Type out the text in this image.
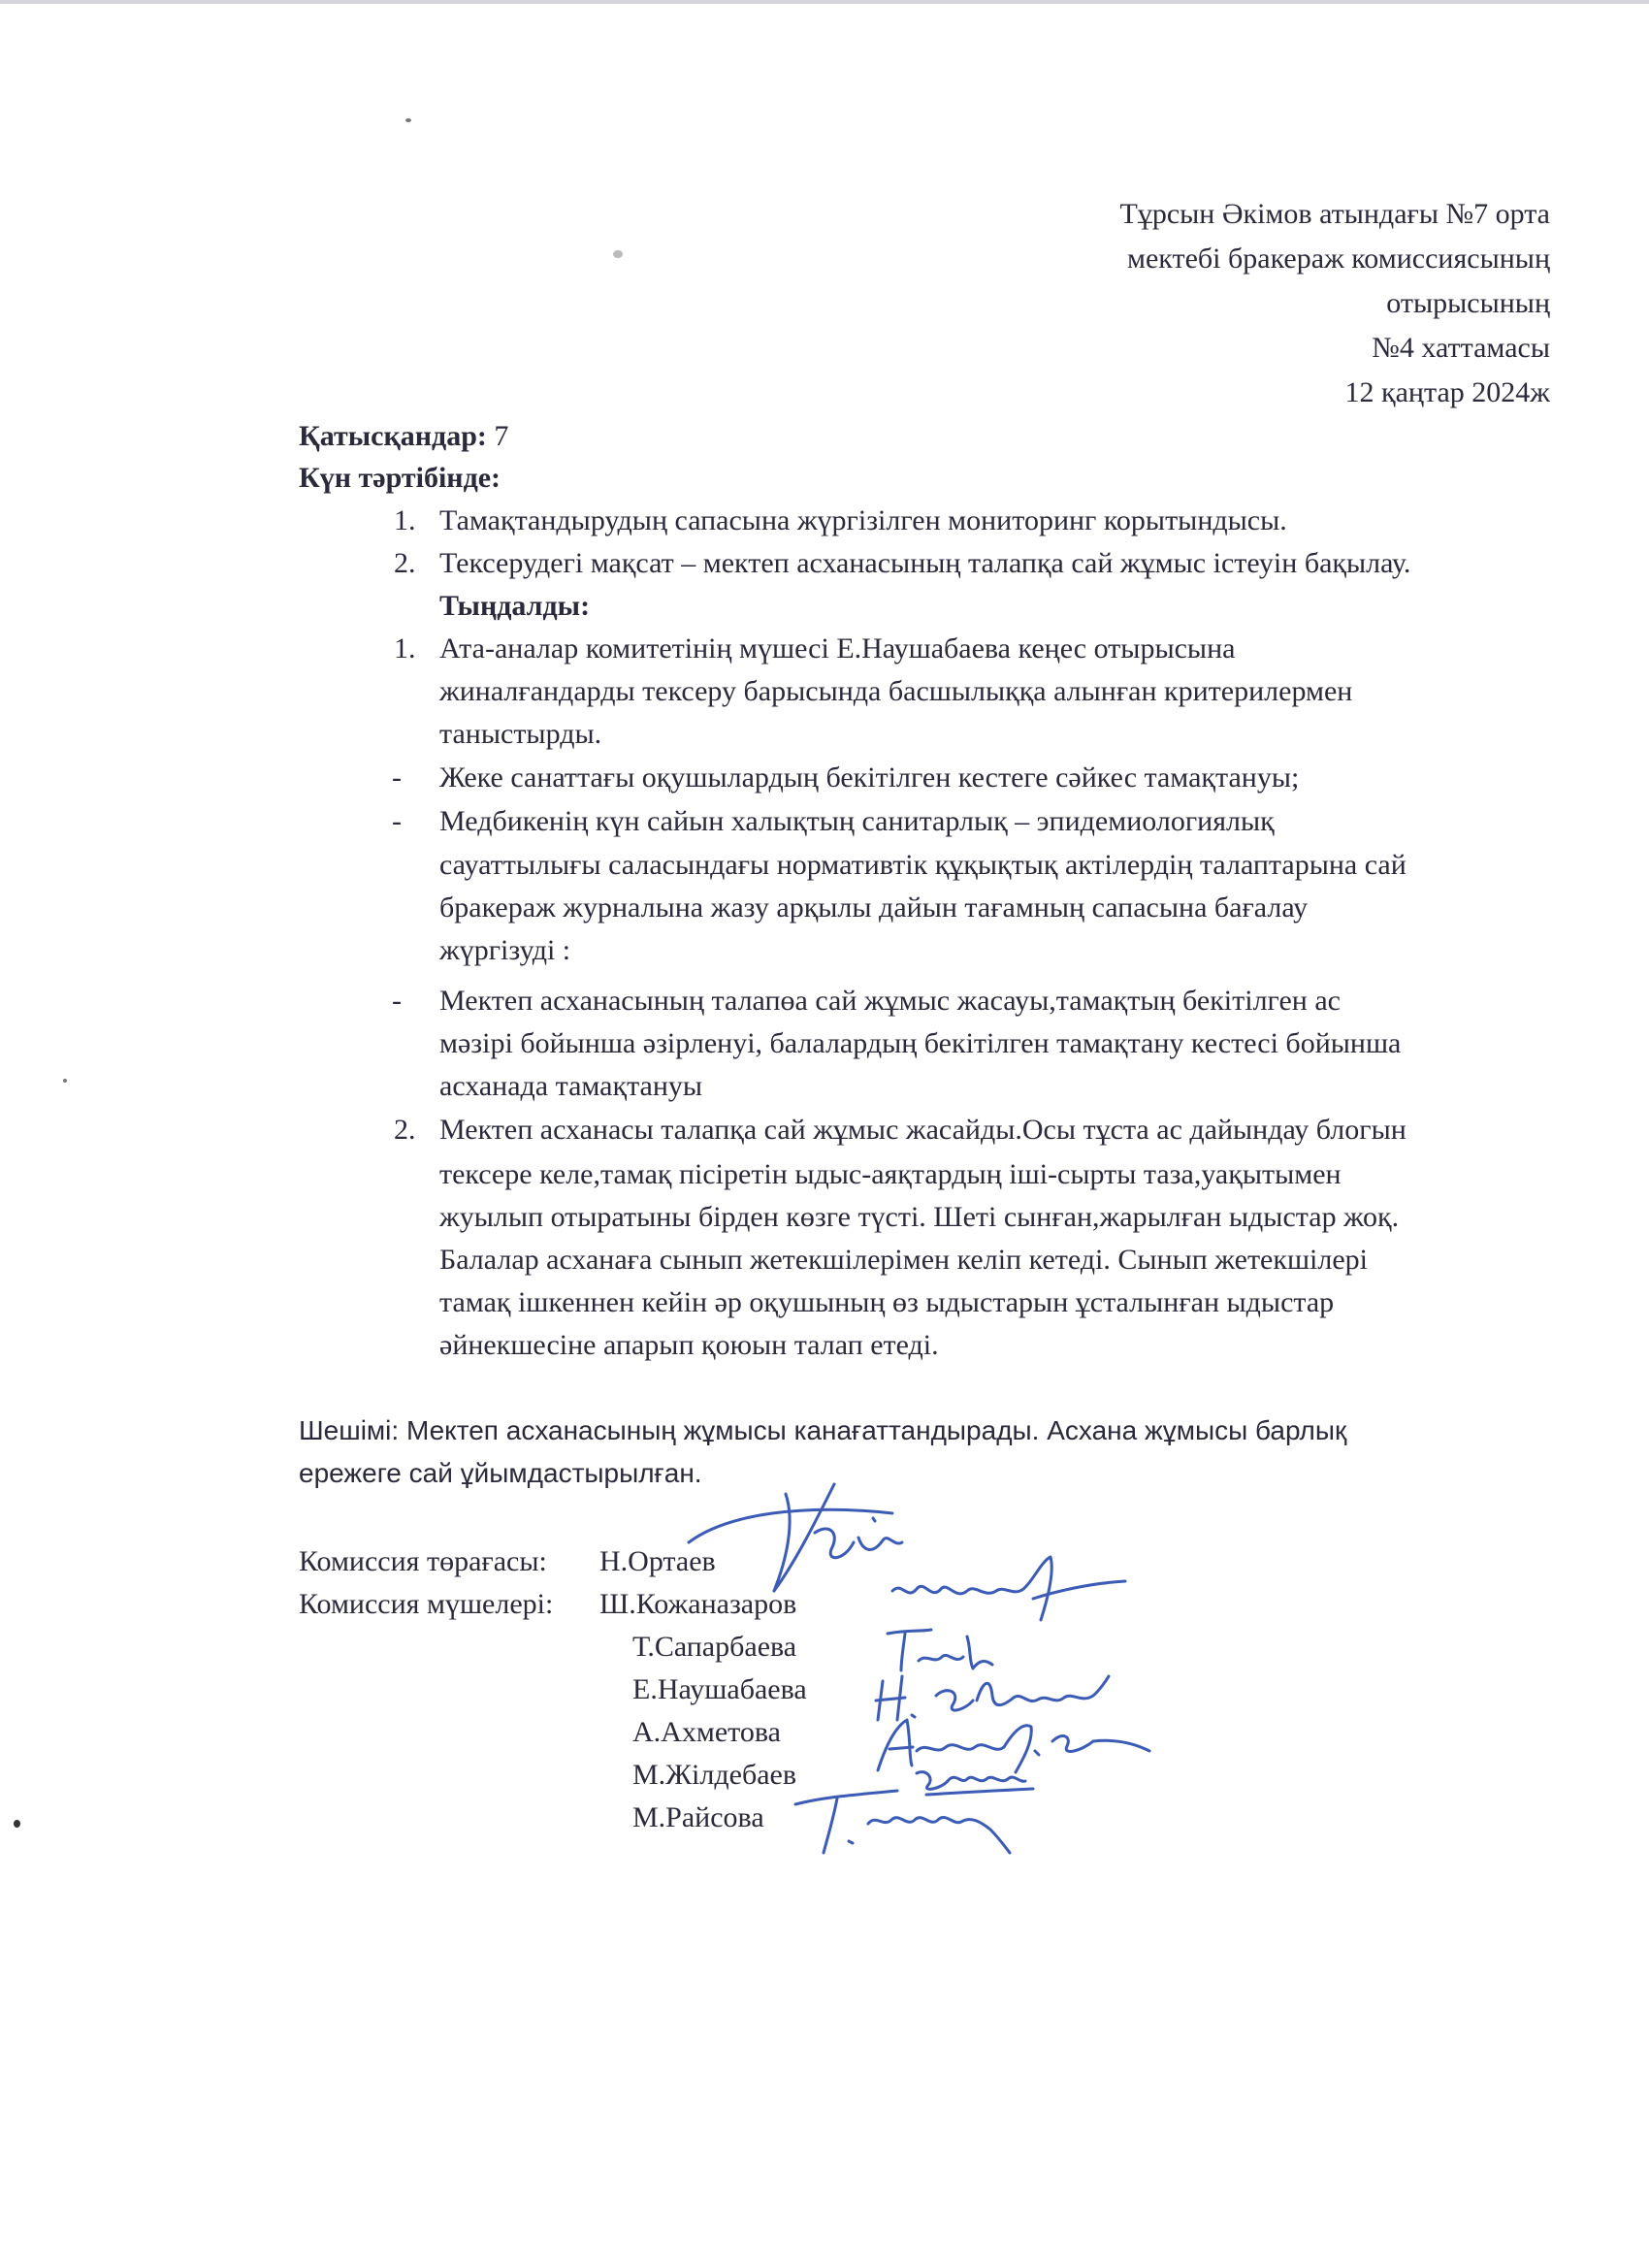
Тұрсын Әкімов атындағы №7 орта
мектебі бракераж комиссиясының
отырысының
№4 хаттамасы
12 қаңтар 2024ж
Қатысқандар: 7
Күн тәртібінде:
1. Тамақтандырудың сапасына жүргізілген мониторинг корытындысы.
2. Тексерудегі мақсат – мектеп асханасының талапқа сай жұмыс істеуін бақылау.
Тыңдалды:
1. Ата-аналар комитетінің мүшесі Е.Наушабаева кеңес отырысына
жиналғандарды тексеру барысында басшылыққа алынған критерилермен
таныстырды.
- Жеке санаттағы оқушылардың бекітілген кестеге сәйкес тамақтануы;
- Медбикенің күн сайын халықтың санитарлық – эпидемиологиялық
сауаттылығы саласындағы нормативтік құқықтық актілердің талаптарына сай
бракераж журналына жазу арқылы дайын тағамның сапасына бағалау
жүргізуді :
- Мектеп асханасының талапөа сай жұмыс жасауы,тамақтың бекітілген ас
мәзірі бойынша әзірленуі, балалардың бекітілген тамақтану кестесі бойынша
асханада тамақтануы
2. Мектеп асханасы талапқа сай жұмыс жасайды.Осы тұста ас дайындау блогын
тексере келе,тамақ пісіретін ыдыс-аяқтардың іші-сырты таза,уақытымен
жуылып отыратыны бірден көзге түсті. Шеті сынған,жарылған ыдыстар жоқ.
Балалар асханаға сынып жетекшілерімен келіп кетеді. Сынып жетекшілері
тамақ ішкеннен кейін әр оқушының өз ыдыстарын ұсталынған ыдыстар
әйнекшесіне апарып қоюын талап етеді.
Шешімі: Мектеп асханасының жұмысы канағаттандырады. Асхана жұмысы барлық
ережеге сай ұйымдастырылған.
Комиссия төрағасы: Н.Ортаев
Комиссия мүшелері: Ш.Кожаназаров
Т.Сапарбаева
Е.Наушабаева
А.Ахметова
М.Жілдебаев
М.Райсова
